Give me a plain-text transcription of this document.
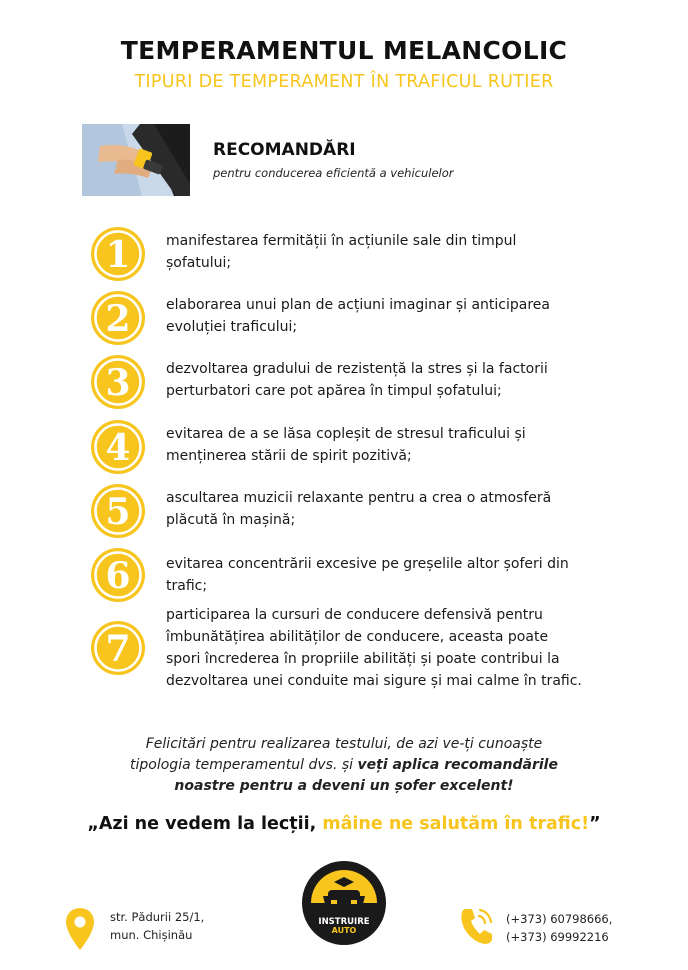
TEMPERAMENTUL MELANCOLIC
TIPURI DE TEMPERAMENT ÎN TRAFICUL RUTIER
RECOMANDĂRI
pentru conducerea eficientă a vehiculelor
1	manifestarea fermității în acțiunile sale din timpul
șofatului;
2	elaborarea unui plan de acțiuni imaginar și anticiparea
evoluției traficului;
3	dezvoltarea gradului de rezistență la stres și la factorii
perturbatori care pot apărea în timpul șofatului;
4	evitarea de a se lăsa copleșit de stresul traficului și
menținerea stării de spirit pozitivă;
5	ascultarea muzicii relaxante pentru a crea o atmosferă
plăcută în mașină;
6	evitarea concentrării excesive pe greșelile altor șoferi din
trafic;
7
participarea la cursuri de conducere defensivă pentru
îmbunătățirea abilităților de conducere, aceasta poate
spori încrederea în propriile abilități și poate contribui la
dezvoltarea unei conduite mai sigure și mai calme în trafic.
Felicitări pentru realizarea testului, de azi ve-ți cunoaște
tipologia temperamentul dvs. și veți aplica recomandările
noastre pentru a deveni un șofer excelent!
„Azi ne vedem la lecții, mâine ne salutăm în trafic!”
str. Pădurii 25/1,
mun. Chișinău
INSTRUIRE
AUTO
(+373) 60798666,
(+373) 69992216
